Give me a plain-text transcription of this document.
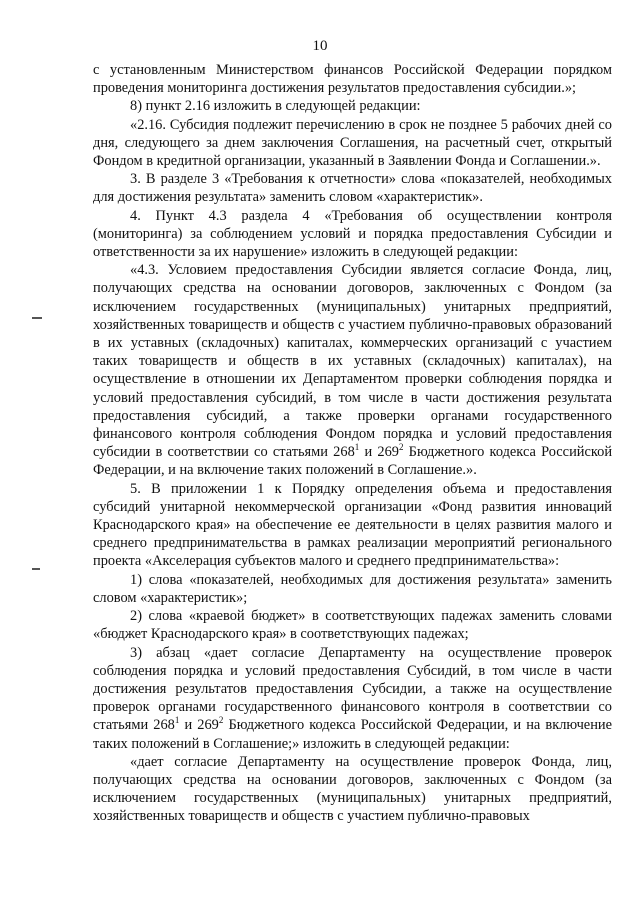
10

с установленным Министерством финансов Российской Федерации порядком проведения мониторинга достижения результатов предоставления субсидии.»;

8) пункт 2.16 изложить в следующей редакции:

«2.16. Субсидия подлежит перечислению в срок не позднее 5 рабочих дней со дня, следующего за днем заключения Соглашения, на расчетный счет, открытый Фондом в кредитной организации, указанный в Заявлении Фонда и Соглашении.».

3. В разделе 3 «Требования к отчетности» слова «показателей, необходимых для достижения результата» заменить словом «характеристик».

4. Пункт 4.3 раздела 4 «Требования об осуществлении контроля (мониторинга) за соблюдением условий и порядка предоставления Субсидии и ответственности за их нарушение» изложить в следующей редакции:

«4.3. Условием предоставления Субсидии является согласие Фонда, лиц, получающих средства на основании договоров, заключенных с Фондом (за исключением государственных (муниципальных) унитарных предприятий, хозяйственных товариществ и обществ с участием публично-правовых образований в их уставных (складочных) капиталах, коммерческих организаций с участием таких товариществ и обществ в их уставных (складочных) капиталах), на осуществление в отношении их Департаментом проверки соблюдения порядка и условий предоставления субсидий, в том числе в части достижения результата предоставления субсидий, а также проверки органами государственного финансового контроля соблюдения Фондом порядка и условий предоставления субсидии в соответствии со статьями $268^1$ и $269^2$ Бюджетного кодекса Российской Федерации, и на включение таких положений в Соглашение.».

5. В приложении 1 к Порядку определения объема и предоставления субсидий унитарной некоммерческой организации «Фонд развития инноваций Краснодарского края» на обеспечение ее деятельности в целях развития малого и среднего предпринимательства в рамках реализации мероприятий регионального проекта «Акселерация субъектов малого и среднего предпринимательства»:

1) слова «показателей, необходимых для достижения результата» заменить словом «характеристик»;

2) слова «краевой бюджет» в соответствующих падежах заменить словами «бюджет Краснодарского края» в соответствующих падежах;

3) абзац «дает согласие Департаменту на осуществление проверок соблюдения порядка и условий предоставления Субсидий, в том числе в части достижения результатов предоставления Субсидии, а также на осуществление проверок органами государственного финансового контроля в соответствии со статьями $268^1$ и $269^2$ Бюджетного кодекса Российской Федерации, и на включение таких положений в Соглашение;» изложить в следующей редакции:

«дает согласие Департаменту на осуществление проверок Фонда, лиц, получающих средства на основании договоров, заключенных с Фондом (за исключением государственных (муниципальных) унитарных предприятий, хозяйственных товариществ и обществ с участием публично-правовых
